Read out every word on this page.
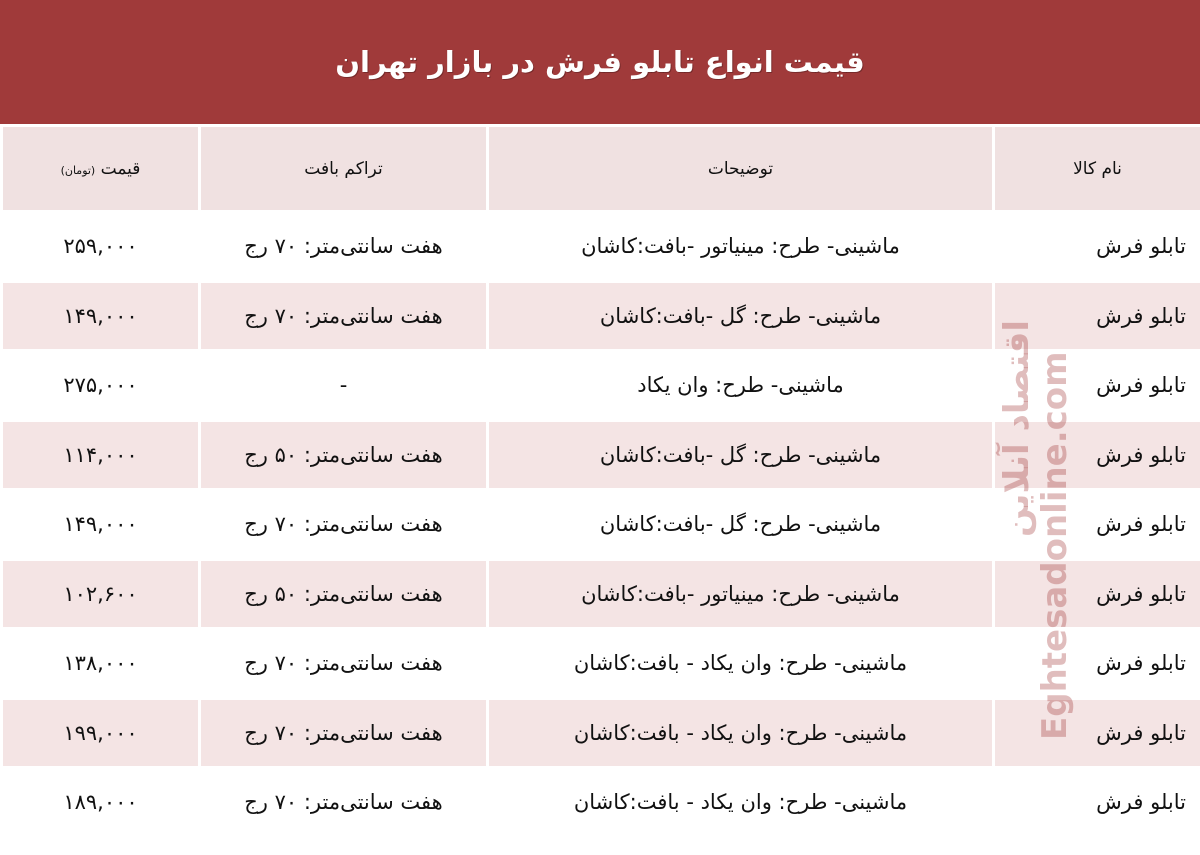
قیمت انواع تابلو فرش در بازار تهران
قیمت (تومان)	تراکم بافت	توضیحات	نام کالا
۲۵۹,۰۰۰	هفت سانتی‌متر: ۷۰ رج	ماشینی- طرح: مینیاتور -بافت:کاشان	تابلو فرش
۱۴۹,۰۰۰	هفت سانتی‌متر: ۷۰ رج	ماشینی- طرح: گل -بافت:کاشان	تابلو فرش
۲۷۵,۰۰۰	-	ماشینی- طرح: وان یکاد	تابلو فرش
۱۱۴,۰۰۰	هفت سانتی‌متر: ۵۰ رج	ماشینی- طرح: گل -بافت:کاشان	تابلو فرش
۱۴۹,۰۰۰	هفت سانتی‌متر: ۷۰ رج	ماشینی- طرح: گل -بافت:کاشان	تابلو فرش
۱۰۲,۶۰۰	هفت سانتی‌متر: ۵۰ رج	ماشینی- طرح: مینیاتور -بافت:کاشان	تابلو فرش
۱۳۸,۰۰۰	هفت سانتی‌متر: ۷۰ رج	ماشینی- طرح: وان یکاد - بافت:کاشان	تابلو فرش
۱۹۹,۰۰۰	هفت سانتی‌متر: ۷۰ رج	ماشینی- طرح: وان یکاد - بافت:کاشان	تابلو فرش
۱۸۹,۰۰۰	هفت سانتی‌متر: ۷۰ رج	ماشینی- طرح: وان یکاد - بافت:کاشان	تابلو فرش
اقتصاد آنلاین
Eghtesadonline.com
